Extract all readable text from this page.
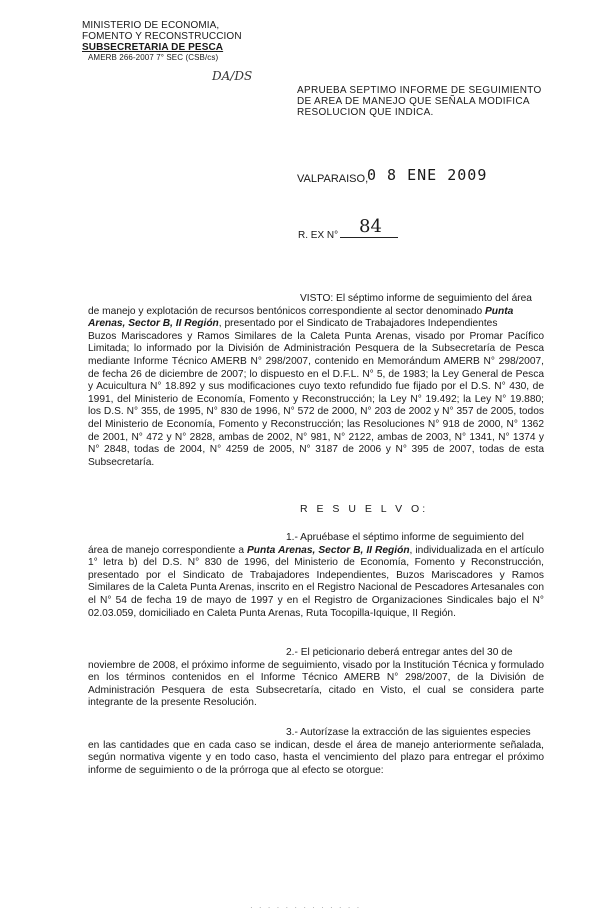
MINISTERIO DE ECONOMIA,
FOMENTO Y RECONSTRUCCION
SUBSECRETARIA DE PESCA
AMERB 266-2007 7° SEC (CSB/cs)
DA/DS
APRUEBA SEPTIMO INFORME DE SEGUIMIENTO
DE AREA DE MANEJO QUE SEÑALA MODIFICA
RESOLUCION QUE INDICA.
VALPARAISO,
0 8 ENE 2009
R. EX N° 84
VISTO: El séptimo informe de seguimiento del área
de manejo y explotación de recursos bentónicos correspondiente al sector denominado Punta
Arenas, Sector B, II Región, presentado por el Sindicato de Trabajadores Independientes
Buzos Mariscadores y Ramos Similares de la Caleta Punta Arenas, visado por Promar Pacífico Limitada; lo informado por la División de Administración Pesquera de la Subsecretaría de Pesca mediante Informe Técnico AMERB N° 298/2007, contenido en Memorándum AMERB N° 298/2007, de fecha 26 de diciembre de 2007; lo dispuesto en el D.F.L. N° 5, de 1983; la Ley General de Pesca y Acuicultura N° 18.892 y sus modificaciones cuyo texto refundido fue fijado por el D.S. N° 430, de 1991, del Ministerio de Economía, Fomento y Reconstrucción; la Ley N° 19.492; la Ley N° 19.880; los D.S. N° 355, de 1995, N° 830 de 1996, N° 572 de 2000, N° 203 de 2002 y N° 357 de 2005, todos del Ministerio de Economía, Fomento y Reconstrucción; las Resoluciones N° 918 de 2000, N° 1362 de 2001, N° 472 y N° 2828, ambas de 2002, N° 981, N° 2122, ambas de 2003, N° 1341, N° 1374 y N° 2848, todas de 2004, N° 4259 de 2005, N° 3187 de 2006 y N° 395 de 2007, todas de esta Subsecretaría.
R E S U E L V O:
1.- Apruébase el séptimo informe de seguimiento del
área de manejo correspondiente a Punta Arenas, Sector B, II Región, individualizada en el artículo 1° letra b) del D.S. N° 830 de 1996, del Ministerio de Economía, Fomento y Reconstrucción, presentado por el Sindicato de Trabajadores Independientes, Buzos Mariscadores y Ramos Similares de la Caleta Punta Arenas, inscrito en el Registro Nacional de Pescadores Artesanales con el N° 54 de fecha 19 de mayo de 1997 y en el Registro de Organizaciones Sindicales bajo el N° 02.03.059, domiciliado en Caleta Punta Arenas, Ruta Tocopilla-Iquique, II Región.
2.- El peticionario deberá entregar antes del 30 de
noviembre de 2008, el próximo informe de seguimiento, visado por la Institución Técnica y formulado en los términos contenidos en el Informe Técnico AMERB N° 298/2007, de la División de Administración Pesquera de esta Subsecretaría, citado en Visto, el cual se considera parte integrante de la presente Resolución.
3.- Autorízase la extracción de las siguientes especies
en las cantidades que en cada caso se indican, desde el área de manejo anteriormente señalada, según normativa vigente y en todo caso, hasta el vencimiento del plazo para entregar el próximo informe de seguimiento o de la prórroga que al efecto se otorgue:
· · · · · · · · · · · · ·
